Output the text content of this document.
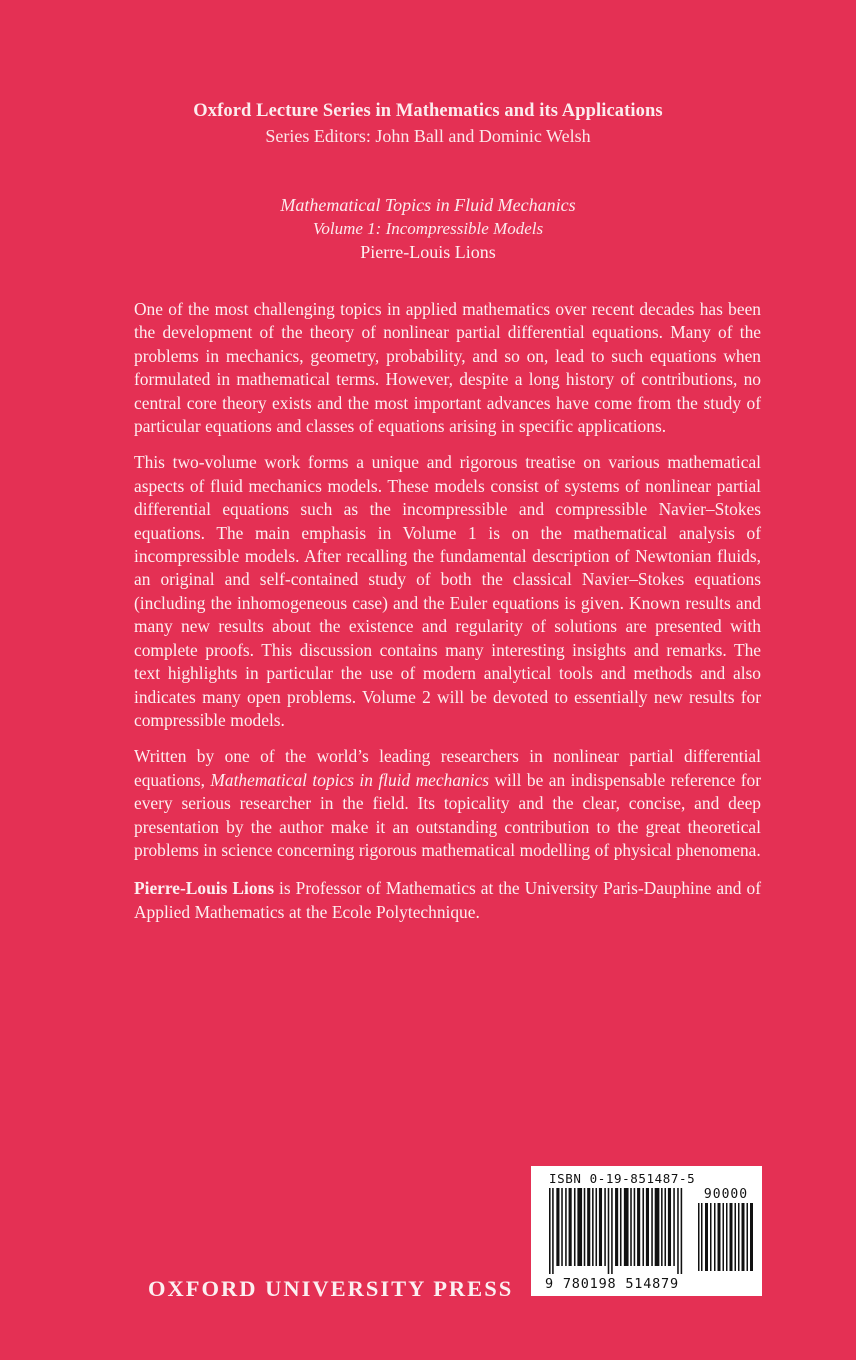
Oxford Lecture Series in Mathematics and its Applications
Series Editors: John Ball and Dominic Welsh
Mathematical Topics in Fluid Mechanics
Volume 1: Incompressible Models
Pierre-Louis Lions

One of the most challenging topics in applied mathematics over recent decades has been the development of the theory of nonlinear partial differential equations. Many of the problems in mechanics, geometry, probability, and so on, lead to such equations when formulated in mathematical terms. However, despite a long history of contributions, no central core theory exists and the most important advances have come from the study of particular equations and classes of equations arising in specific applications.

This two-volume work forms a unique and rigorous treatise on various mathematical aspects of fluid mechanics models. These models consist of systems of nonlinear partial differential equations such as the incompressible and compressible Navier–Stokes equations. The main emphasis in Volume 1 is on the mathematical analysis of incompressible models. After recalling the fundamental description of Newtonian fluids, an original and self-contained study of both the classical Navier–Stokes equations (including the inhomogeneous case) and the Euler equations is given. Known results and many new results about the existence and regularity of solutions are presented with complete proofs. This discussion contains many interesting insights and remarks. The text highlights in particular the use of modern analytical tools and methods and also indicates many open problems. Volume 2 will be devoted to essentially new results for compressible models.

Written by one of the world’s leading researchers in nonlinear partial differential equations, Mathematical topics in fluid mechanics will be an indispensable reference for every serious researcher in the field. Its topicality and the clear, concise, and deep presentation by the author make it an outstanding contribution to the great theoretical problems in science concerning rigorous mathematical modelling of physical phenomena.

Pierre-Louis Lions is Professor of Mathematics at the University Paris-Dauphine and of Applied Mathematics at the Ecole Polytechnique.

ISBN 0-19-851487-5
90000
9 780198 514879
OXFORD UNIVERSITY PRESS
